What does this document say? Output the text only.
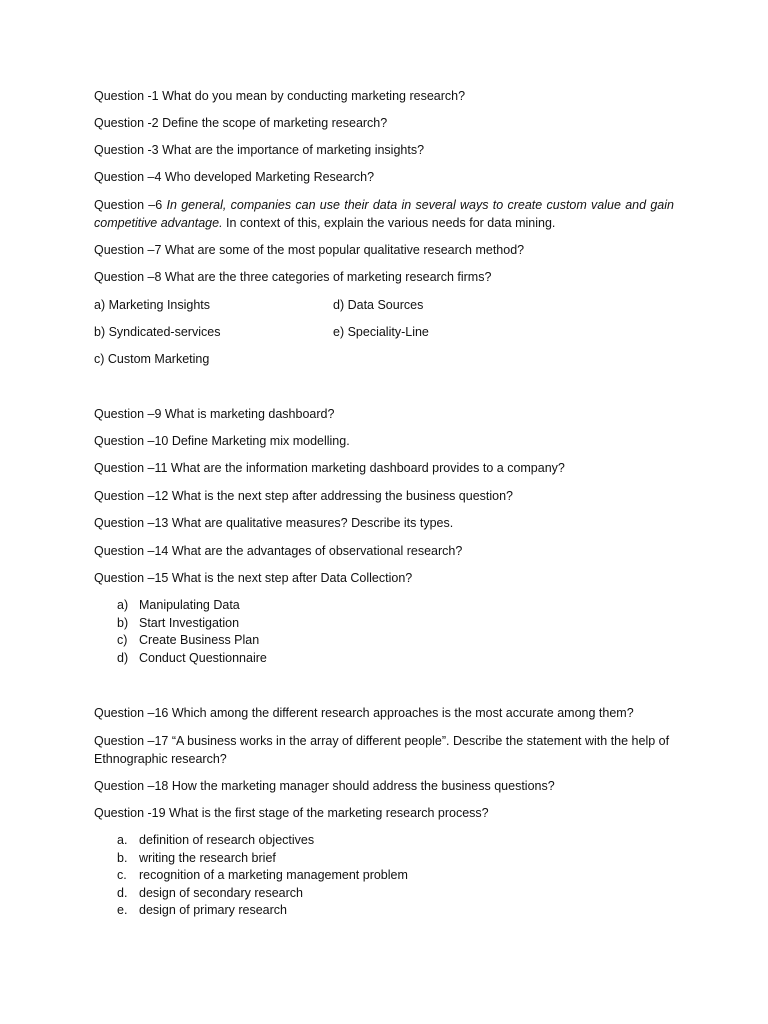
Question -1 What do you mean by conducting marketing research?
Question -2 Define the scope of marketing research?
Question -3 What are the importance of marketing insights?
Question –4 Who developed Marketing Research?
Question –6 In general, companies can use their data in several ways to create custom value and gain competitive advantage. In context of this, explain the various needs for data mining.
Question –7 What are some of the most popular qualitative research method?
Question –8 What are the three categories of marketing research firms?
a) Marketing Insights	d) Data Sources
b) Syndicated-services	e) Speciality-Line
c) Custom Marketing
Question –9 What is marketing dashboard?
Question –10 Define Marketing mix modelling.
Question –11 What are the information marketing dashboard provides to a company?
Question –12 What is the next step after addressing the business question?
Question –13 What are qualitative measures? Describe its types.
Question –14 What are the advantages of observational research?
Question –15 What is the next step after Data Collection?
a) Manipulating Data
b) Start Investigation
c) Create Business Plan
d) Conduct Questionnaire
Question –16 Which among the different research approaches is the most accurate among them?
Question –17 “A business works in the array of different people”. Describe the statement with the help of Ethnographic research?
Question –18 How the marketing manager should address the business questions?
Question -19 What is the first stage of the marketing research process?
a. definition of research objectives
b. writing the research brief
c. recognition of a marketing management problem
d. design of secondary research
e. design of primary research
